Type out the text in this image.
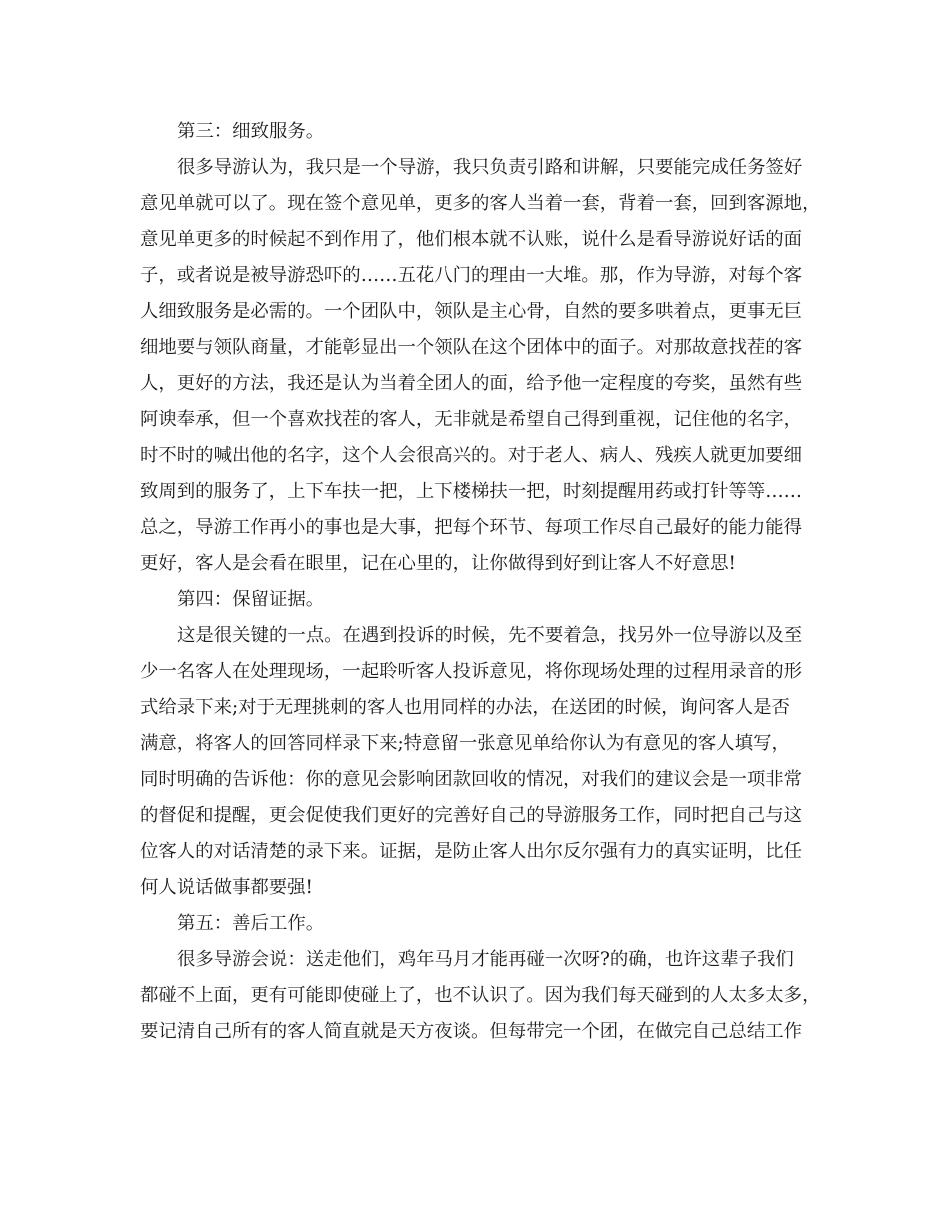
第三：细致服务。
很多导游认为，我只是一个导游，我只负责引路和讲解，只要能完成任务签好
意见单就可以了。现在签个意见单，更多的客人当着一套，背着一套，回到客源地，
意见单更多的时候起不到作用了，他们根本就不认账，说什么是看导游说好话的面
子，或者说是被导游恐吓的……五花八门的理由一大堆。那，作为导游，对每个客
人细致服务是必需的。一个团队中，领队是主心骨，自然的要多哄着点，更事无巨
细地要与领队商量，才能彰显出一个领队在这个团体中的面子。对那故意找茬的客
人，更好的方法，我还是认为当着全团人的面，给予他一定程度的夸奖，虽然有些
阿谀奉承，但一个喜欢找茬的客人，无非就是希望自己得到重视，记住他的名字，
时不时的喊出他的名字，这个人会很高兴的。对于老人、病人、残疾人就更加要细
致周到的服务了，上下车扶一把，上下楼梯扶一把，时刻提醒用药或打针等等……
总之，导游工作再小的事也是大事，把每个环节、每项工作尽自己最好的能力能得
更好，客人是会看在眼里，记在心里的，让你做得到好到让客人不好意思!
第四：保留证据。
这是很关键的一点。在遇到投诉的时候，先不要着急，找另外一位导游以及至
少一名客人在处理现场，一起聆听客人投诉意见，将你现场处理的过程用录音的形
式给录下来;对于无理挑刺的客人也用同样的办法，在送团的时候，询问客人是否
满意，将客人的回答同样录下来;特意留一张意见单给你认为有意见的客人填写，
同时明确的告诉他：你的意见会影响团款回收的情况，对我们的建议会是一项非常
的督促和提醒，更会促使我们更好的完善好自己的导游服务工作，同时把自己与这
位客人的对话清楚的录下来。证据，是防止客人出尔反尔强有力的真实证明，比任
何人说话做事都要强!
第五：善后工作。
很多导游会说：送走他们，鸡年马月才能再碰一次呀?的确，也许这辈子我们
都碰不上面，更有可能即使碰上了，也不认识了。因为我们每天碰到的人太多太多，
要记清自己所有的客人简直就是天方夜谈。但每带完一个团，在做完自己总结工作
